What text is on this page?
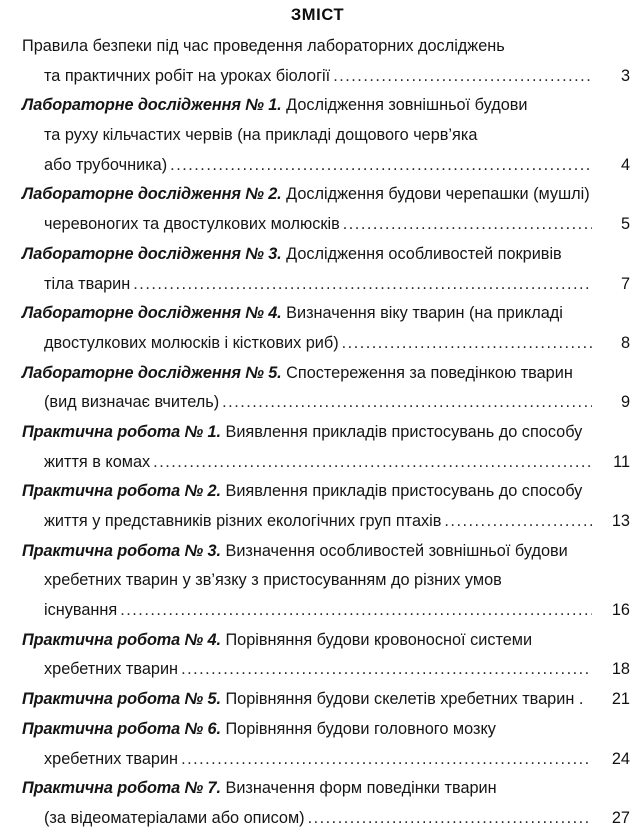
ЗМІСТ
Правила безпеки під час проведення лабораторних досліджень
та практичних робіт на уроках біології .....	3
Лабораторне дослідження № 1. Дослідження зовнішньої будови
та руху кільчастих червів (на прикладі дощового черв’яка
або трубочника) .....	4
Лабораторне дослідження № 2. Дослідження будови черепашки (мушлі)
черевоногих та двостулкових молюсків .....	5
Лабораторне дослідження № 3. Дослідження особливостей покривів
тіла тварин .....	7
Лабораторне дослідження № 4. Визначення віку тварин (на прикладі
двостулкових молюсків і кісткових риб) .....	8
Лабораторне дослідження № 5. Спостереження за поведінкою тварин
(вид визначає вчитель) .....	9
Практична робота № 1. Виявлення прикладів пристосувань до способу
життя в комах .....	11
Практична робота № 2. Виявлення прикладів пристосувань до способу
життя у представників різних екологічних груп птахів .....	13
Практична робота № 3. Визначення особливостей зовнішньої будови
хребетних тварин у зв’язку з пристосуванням до різних умов
існування .....	16
Практична робота № 4. Порівняння будови кровоносної системи
хребетних тварин .....	18
Практична робота № 5. Порівняння будови скелетів хребетних тварин .	21
Практична робота № 6. Порівняння будови головного мозку
хребетних тварин .....	24
Практична робота № 7. Визначення форм поведінки тварин
(за відеоматеріалами або описом) .....	27
